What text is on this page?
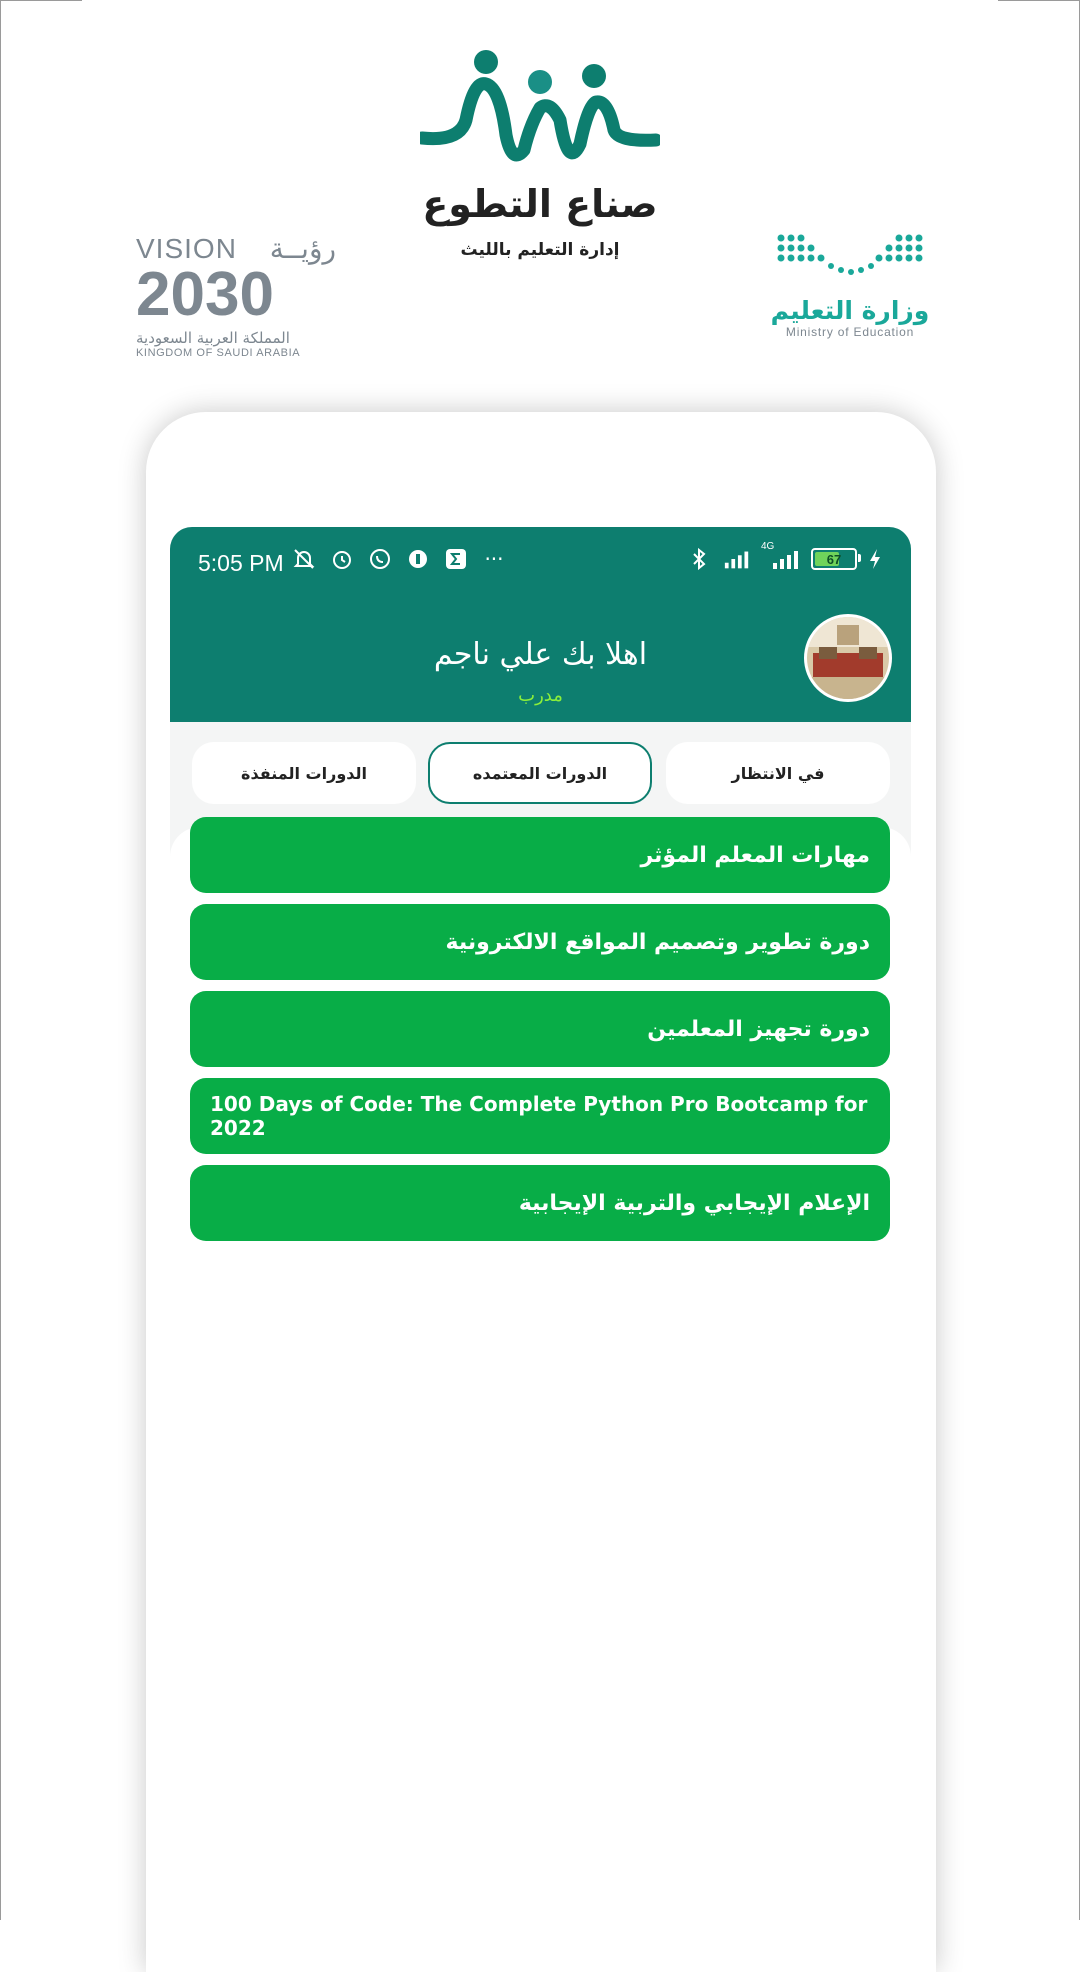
صناع التطوع
إدارة التعليم بالليث
VISION رؤيــة
2030
المملكة العربية السعودية
KINGDOM OF SAUDI ARABIA
وزارة التعليم
Ministry of Education
5:05 PM	···
4G
67
اهلا بك علي ناجم
مدرب
في الانتظار
الدورات المعتمده
الدورات المنفذة
مهارات المعلم المؤثر
دورة تطوير وتصميم المواقع الالكترونية
دورة تجهيز المعلمين
100 Days of Code: The Complete Python Pro Bootcamp for 2022
الإعلام الإيجابي والتربية الإيجابية
